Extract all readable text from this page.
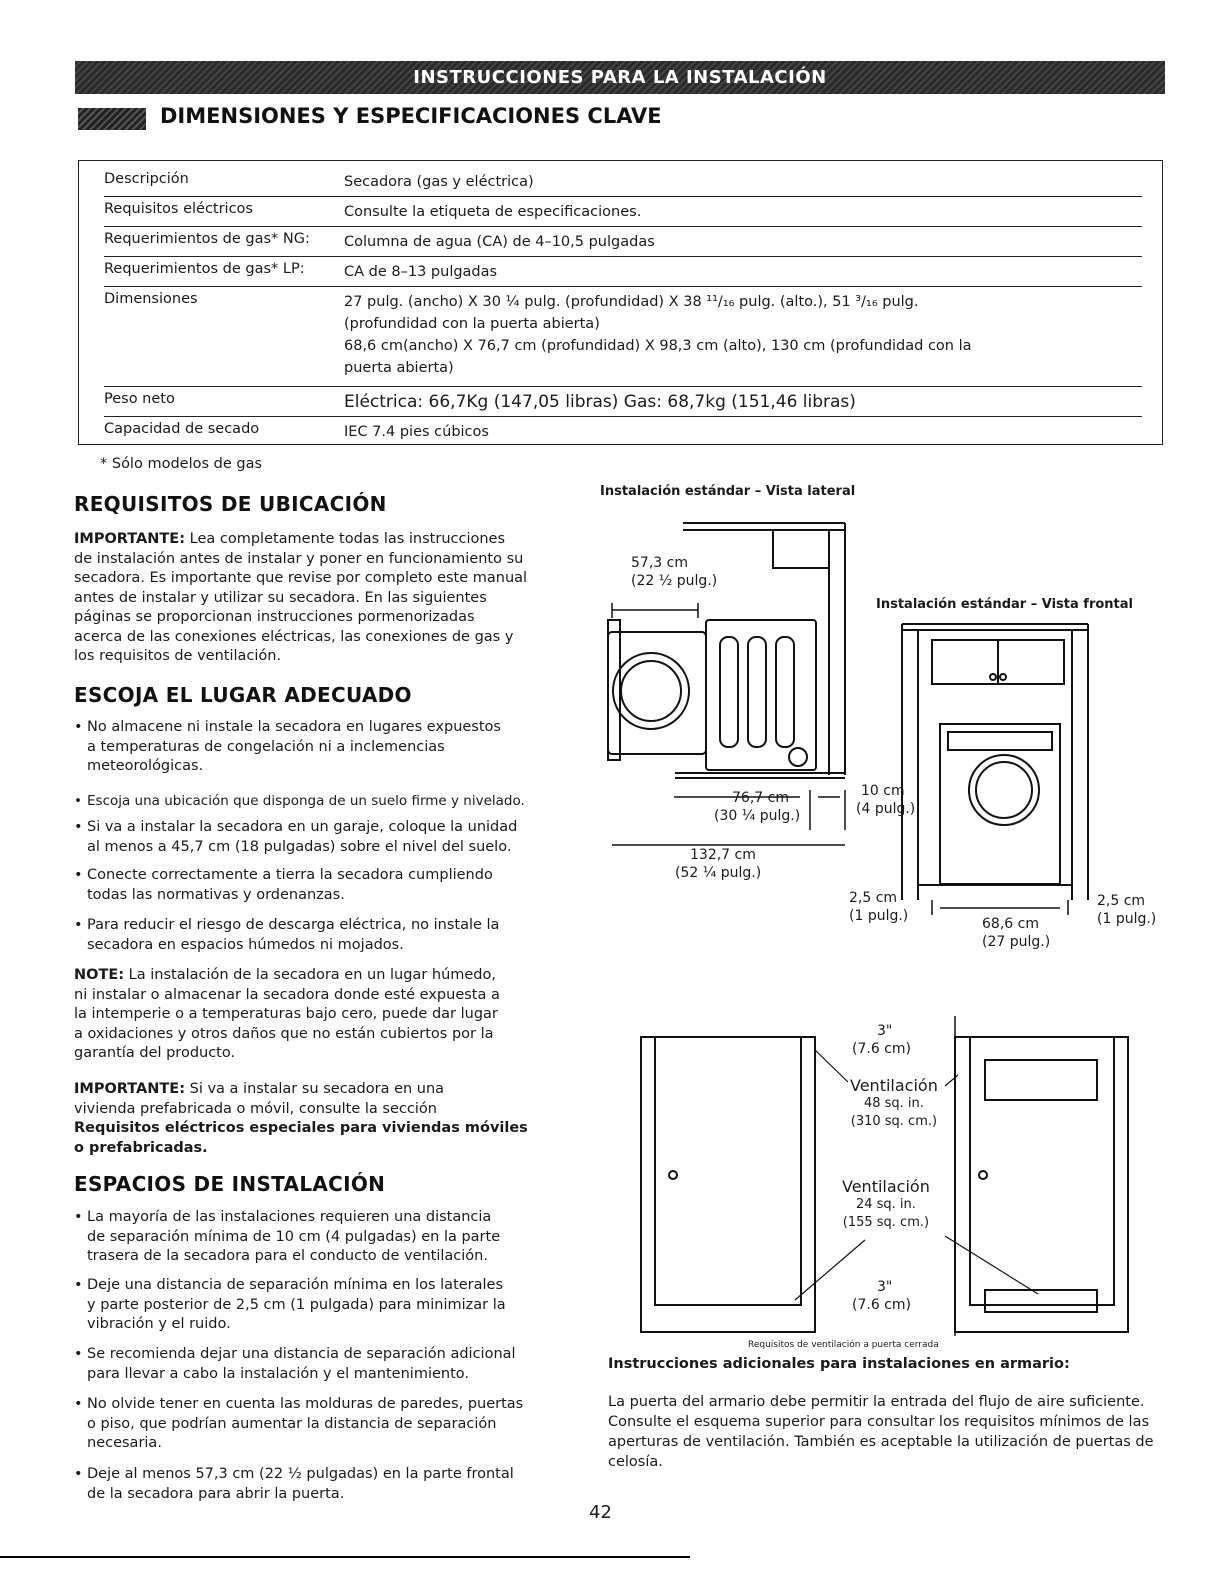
INSTRUCCIONES PARA LA INSTALACIÓN
DIMENSIONES Y ESPECIFICACIONES CLAVE
Descripción	Secadora (gas y eléctrica)
Requisitos eléctricos	Consulte la etiqueta de especificaciones.
Requerimientos de gas* NG:	Columna de agua (CA) de 4–10,5 pulgadas
Requerimientos de gas* LP:	CA de 8–13 pulgadas
Dimensiones	27 pulg. (ancho) X 30 ¼ pulg. (profundidad) X 38 ¹¹/₁₆ pulg. (alto.), 51 ³/₁₆ pulg.
(profundidad con la puerta abierta)
68,6 cm(ancho) X 76,7 cm (profundidad) X 98,3 cm (alto), 130 cm (profundidad con la
puerta abierta)
Peso neto	Eléctrica: 66,7Kg (147,05 libras) Gas: 68,7kg (151,46 libras)
Capacidad de secado	IEC 7.4 pies cúbicos
* Sólo modelos de gas
REQUISITOS DE UBICACIÓN
IMPORTANTE: Lea completamente todas las instrucciones
de instalación antes de instalar y poner en funcionamiento su
secadora. Es importante que revise por completo este manual
antes de instalar y utilizar su secadora. En las siguientes
páginas se proporcionan instrucciones pormenorizadas
acerca de las conexiones eléctricas, las conexiones de gas y
los requisitos de ventilación.
ESCOJA EL LUGAR ADECUADO
• No almacene ni instale la secadora en lugares expuestos
a temperaturas de congelación ni a inclemencias
meteorológicas.
• Escoja una ubicación que disponga de un suelo firme y nivelado.
• Si va a instalar la secadora en un garaje, coloque la unidad
al menos a 45,7 cm (18 pulgadas) sobre el nivel del suelo.
• Conecte correctamente a tierra la secadora cumpliendo
todas las normativas y ordenanzas.
• Para reducir el riesgo de descarga eléctrica, no instale la
secadora en espacios húmedos ni mojados.
NOTE: La instalación de la secadora en un lugar húmedo,
ni instalar o almacenar la secadora donde esté expuesta a
la intemperie o a temperaturas bajo cero, puede dar lugar
a oxidaciones y otros daños que no están cubiertos por la
garantía del producto.
IMPORTANTE: Si va a instalar su secadora en una
vivienda prefabricada o móvil, consulte la sección
Requisitos eléctricos especiales para viviendas móviles
o prefabricadas.
ESPACIOS DE INSTALACIÓN
• La mayoría de las instalaciones requieren una distancia
de separación mínima de 10 cm (4 pulgadas) en la parte
trasera de la secadora para el conducto de ventilación.
• Deje una distancia de separación mínima en los laterales
y parte posterior de 2,5 cm (1 pulgada) para minimizar la
vibración y el ruido.
• Se recomienda dejar una distancia de separación adicional
para llevar a cabo la instalación y el mantenimiento.
• No olvide tener en cuenta las molduras de paredes, puertas
o piso, que podrían aumentar la distancia de separación
necesaria.
• Deje al menos 57,3 cm (22 ½ pulgadas) en la parte frontal
de la secadora para abrir la puerta.
Instalación estándar – Vista lateral
Instalación estándar – Vista frontal
57,3 cm
(22 ½ pulg.)
76,7 cm
(30 ¼ pulg.)
132,7 cm
(52 ¼ pulg.)
10 cm
(4 pulg.)
2,5 cm
(1 pulg.)
2,5 cm
(1 pulg.)
68,6 cm
(27 pulg.)
3"
(7.6 cm)
Ventilación
48 sq. in.
(310 sq. cm.)
Ventilación
24 sq. in.
(155 sq. cm.)
3"
(7.6 cm)
Requisitos de ventilación a puerta cerrada
Instrucciones adicionales para instalaciones en armario:
La puerta del armario debe permitir la entrada del flujo de aire suficiente. Consulte el esquema superior para consultar los requisitos mínimos de las aperturas de ventilación. También es aceptable la utilización de puertas de celosía.
42
